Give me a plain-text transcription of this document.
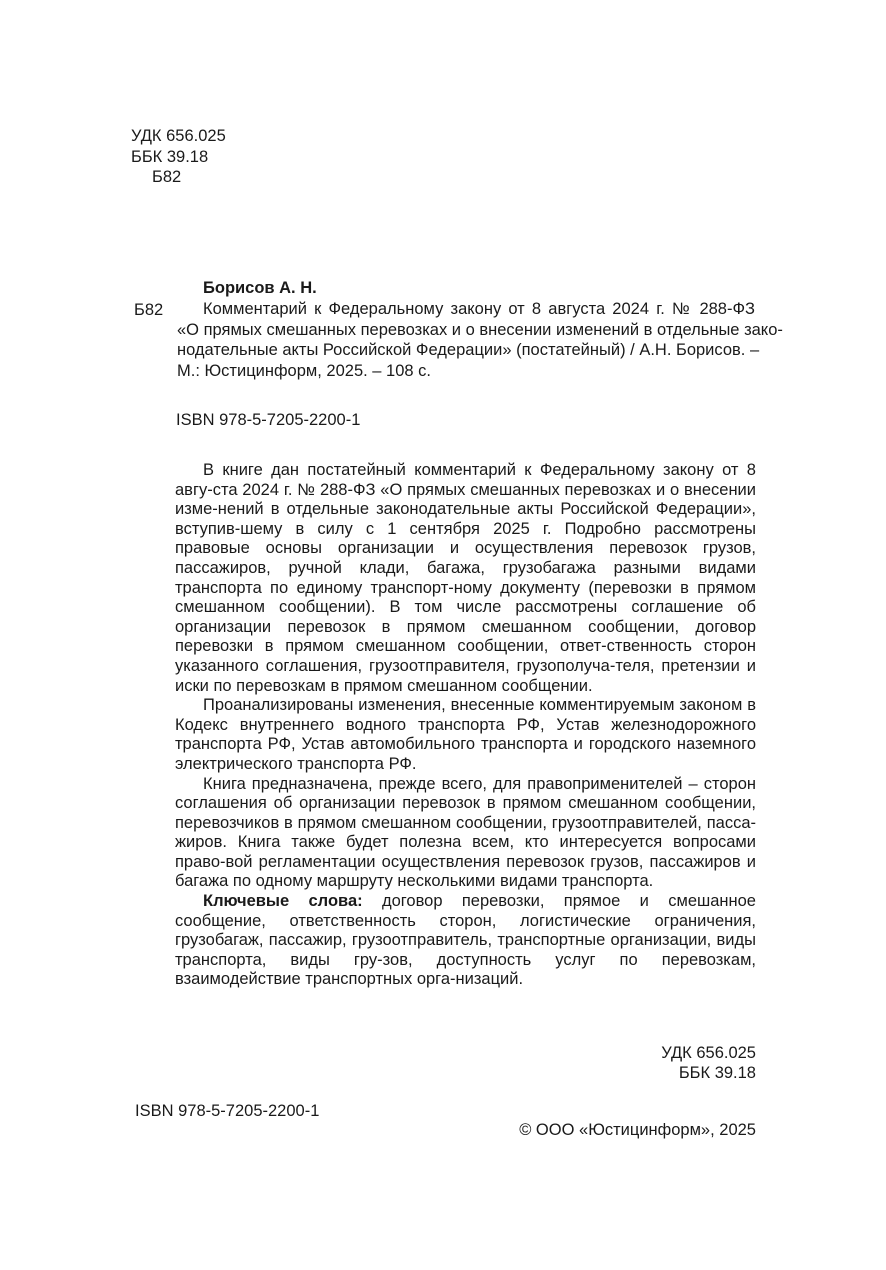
УДК 656.025
ББК 39.18
Б82
Борисов А. Н.
Б82	Комментарий к Федеральному закону от 8 августа 2024 г. № 288-ФЗ
«О прямых смешанных перевозках и о внесении изменений в отдельные зако-
нодательные акты Российской Федерации» (постатейный) / А.Н. Борисов. –
М.: Юстицинформ, 2025. – 108 с.
ISBN 978-5-7205-2200-1

В книге дан постатейный комментарий к Федеральному закону от 8 авгу-ста 2024 г. № 288-ФЗ «О прямых смешанных перевозках и о внесении изме-нений в отдельные законодательные акты Российской Федерации», вступив-шему в силу с 1 сентября 2025 г. Подробно рассмотрены правовые основы организации и осуществления перевозок грузов, пассажиров, ручной клади, багажа, грузобагажа разными видами транспорта по единому транспорт-ному документу (перевозки в прямом смешанном сообщении). В том числе рассмотрены соглашение об организации перевозок в прямом смешанном сообщении, договор перевозки в прямом смешанном сообщении, ответ-ственность сторон указанного соглашения, грузоотправителя, грузополуча-теля, претензии и иски по перевозкам в прямом смешанном сообщении.

Проанализированы изменения, внесенные комментируемым законом в Кодекс внутреннего водного транспорта РФ, Устав железнодорожного транспорта РФ, Устав автомобильного транспорта и городского наземного электрического транспорта РФ.

Книга предназначена, прежде всего, для правоприменителей – сторон соглашения об организации перевозок в прямом смешанном сообщении, перевозчиков в прямом смешанном сообщении, грузоотправителей, пасса-жиров. Книга также будет полезна всем, кто интересуется вопросами право-вой регламентации осуществления перевозок грузов, пассажиров и багажа по одному маршруту несколькими видами транспорта.

Ключевые слова: договор перевозки, прямое и смешанное сообщение, ответственность сторон, логистические ограничения, грузобагаж, пассажир, грузоотправитель, транспортные организации, виды транспорта, виды гру-зов, доступность услуг по перевозкам, взаимодействие транспортных орга-низаций.

УДК 656.025
ББК 39.18
ISBN 978-5-7205-2200-1
© ООО «Юстицинформ», 2025
